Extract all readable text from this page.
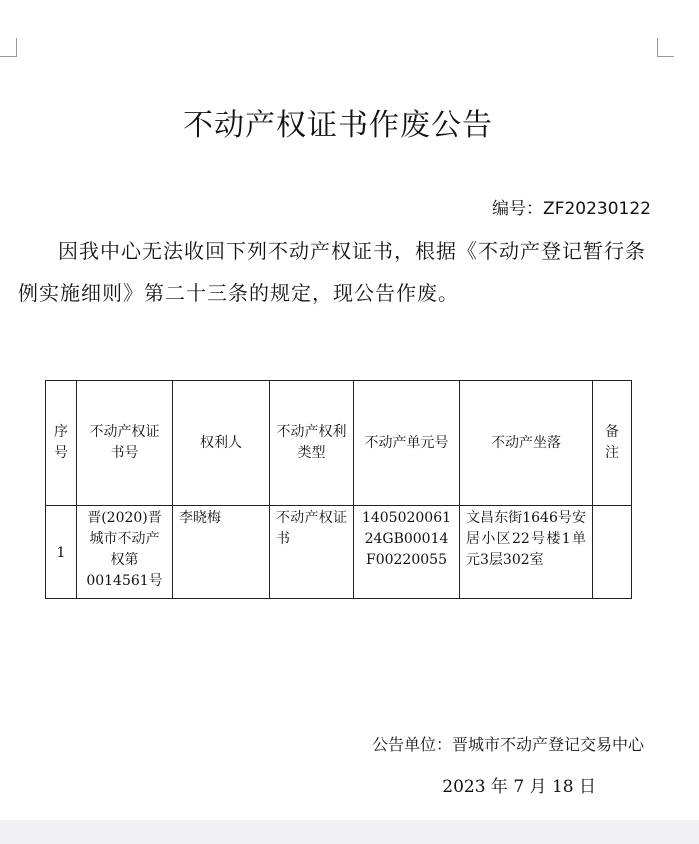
不动产权证书作废公告
编号：ZF20230122
因我中心无法收回下列不动产权证书，根据《不动产登记暂行条例实施细则》第二十三条的规定，现公告作废。
序号	不动产权证书号	权利人	不动产权利类型	不动产单元号	不动产坐落	备注
1	晋(2020)晋城市不动产权第0014561号	李晓梅	不动产权证书	140502006124GB00014F00220055	文昌东街1646号安居小区22号楼1单元3层302室	
公告单位：晋城市不动产登记交易中心
2023 年 7 月 18 日
